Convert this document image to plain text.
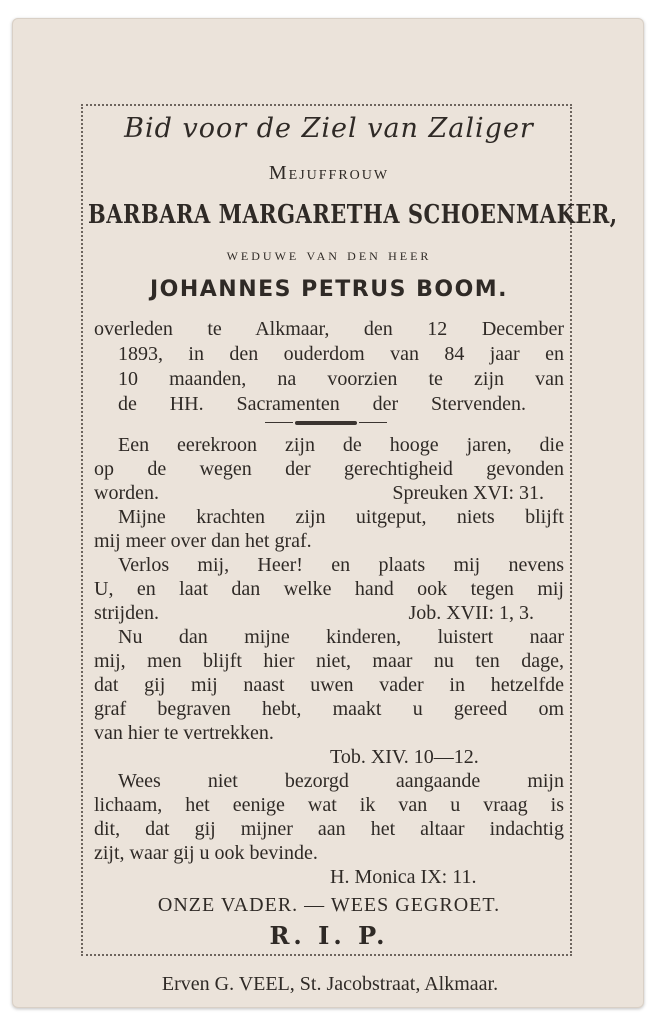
Bid voor de Ziel van Zaliger

Mejuffrouw

BARBARA MARGARETHA SCHOENMAKER,

weduwe van den heer

JOHANNES PETRUS BOOM.

overleden te Alkmaar, den 12 December

1893, in den ouderdom van 84 jaar en

10 maanden, na voorzien te zijn van

de HH. Sacramenten der Stervenden.

Een eerekroon zijn de hooge jaren, die

op de wegen der gerechtigheid gevonden

worden.	Spreuken XVI: 31.

Mijne krachten zijn uitgeput, niets blijft

mij meer over dan het graf.

Verlos mij, Heer! en plaats mij nevens

U, en laat dan welke hand ook tegen mij

strijden.	Job. XVII: 1, 3.

Nu dan mijne kinderen, luistert naar

mij, men blijft hier niet, maar nu ten dage,

dat gij mij naast uwen vader in hetzelfde

graf begraven hebt, maakt u gereed om

van hier te vertrekken.

Tob. XIV. 10—12.

Wees niet bezorgd aangaande mijn

lichaam, het eenige wat ik van u vraag is

dit, dat gij mijner aan het altaar indachtig

zijt, waar gij u ook bevinde.

H. Monica IX: 11.

ONZE VADER. — WEES GEGROET.

R. I. P.

Erven G. VEEL, St. Jacobstraat, Alkmaar.
